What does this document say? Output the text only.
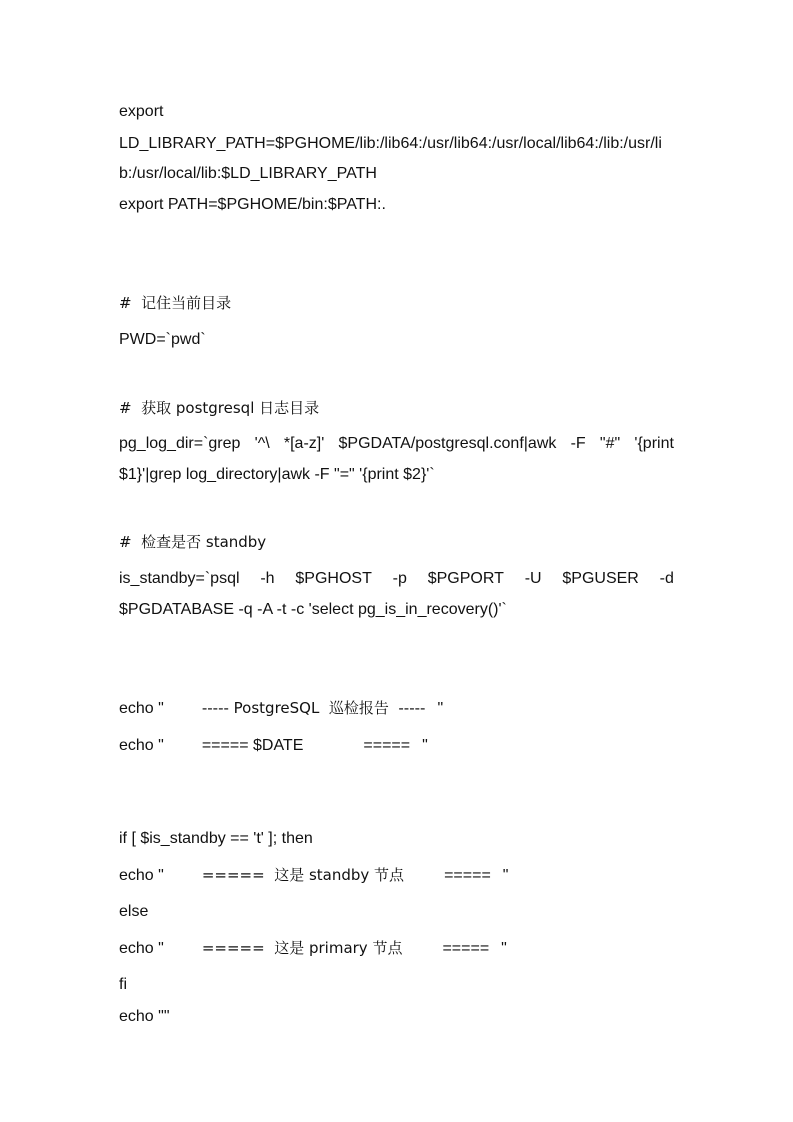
export
LD_LIBRARY_PATH=$PGHOME/lib:/lib64:/usr/lib64:/usr/local/lib64:/lib:/usr/li
b:/usr/local/lib:$LD_LIBRARY_PATH
export PATH=$PGHOME/bin:$PATH:.
#  记住当前目录
PWD=`pwd`
#  获取 postgresql 日志目录
pg_log_dir=`grep '^\ *[a-z]' $PGDATA/postgresql.conf|awk -F "#" '{print
$1}'|grep log_directory|awk -F "=" '{print $2}'`
#  检查是否 standby
is_standby=`psql -h $PGHOST -p $PGPORT -U $PGUSER -d
$PGDATABASE -q -A -t -c 'select pg_is_in_recovery()'`
echo "	----- PostgreSQL  巡检报告  ----- "
echo " ===== $DATE	===== "
if [ $is_standby == 't' ]; then
echo "	=====  这是 standby 节点	===== "
else
echo "	=====  这是 primary 节点	===== "
fi
echo ""
